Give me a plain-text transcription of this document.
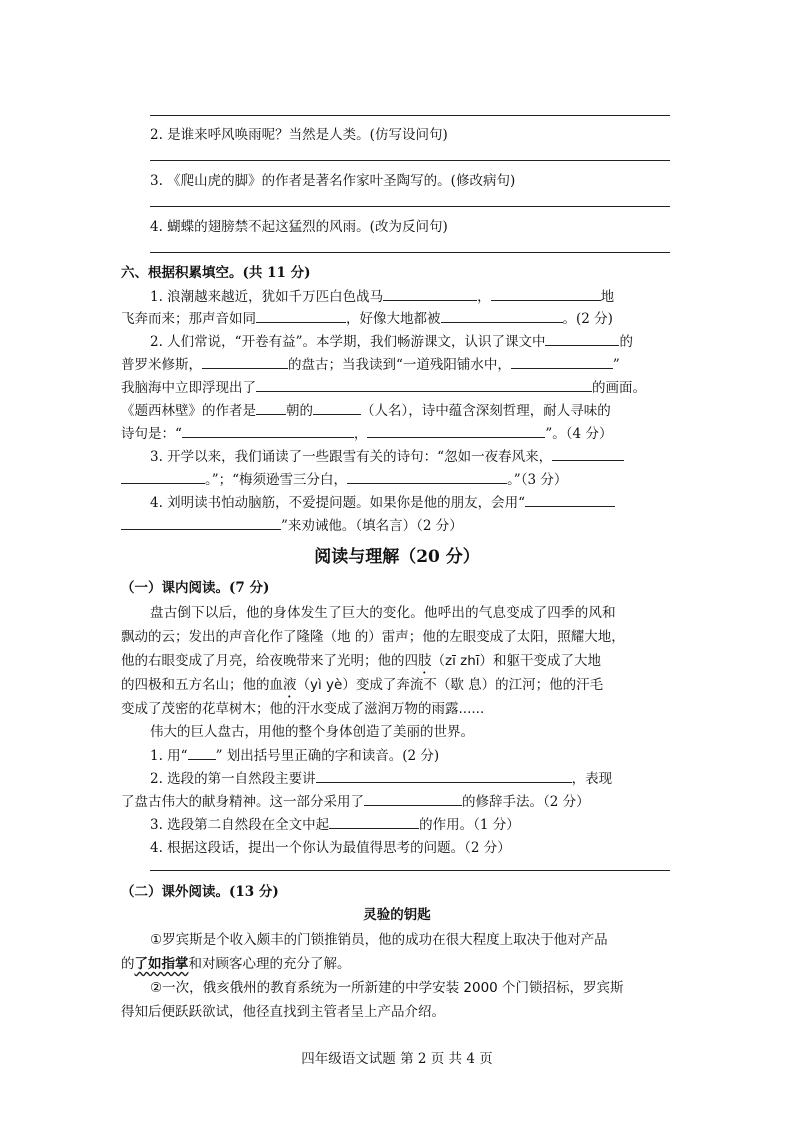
2. 是谁来呼风唤雨呢？当然是人类。(仿写设问句)
3. 《爬山虎的脚》的作者是著名作家叶圣陶写的。(修改病句)
4. 蝴蝶的翅膀禁不起这猛烈的风雨。(改为反问句)
六、根据积累填空。(共 11 分)
1. 浪潮越来越近，犹如千万匹白色战马	，	地
飞奔而来；那声音如同	，好像大地都被	。(2 分)
2. 人们常说，“开卷有益”。本学期，我们畅游课文，认识了课文中	的
普罗米修斯，	的盘古；当我读到“一道残阳铺水中，	”
我脑海中立即浮现出了	的画面。
《题西林壁》的作者是 朝的	（人名），诗中蕴含深刻哲理，耐人寻味的
诗句是：“	，	”。（4 分）
3. 开学以来，我们诵读了一些跟雪有关的诗句：“忽如一夜春风来，
。”；“梅须逊雪三分白，	。”（3 分）
4. 刘明读书怕动脑筋，不爱提问题。如果你是他的朋友，会用“
”来劝诫他。（填名言）（2 分）
阅读与理解（20 分）
（一）课内阅读。(7 分)
盘古倒下以后，他的身体发生了巨大的变化。他呼出的气息变成了四季的风和
飘动的云；发出的声音化作了隆隆（地 的）雷声；他的左眼变成了太阳，照耀大地，
他的右眼变成了月亮，给夜晚带来了光明；他的四肢（zī zhī）和躯干变成了大地
的四极和五方名山；他的血液（yì yè）变成了奔流不（歇 息）的江河；他的汗毛
变成了茂密的花草树木；他的汗水变成了滋润万物的雨露......
伟大的巨人盘古，用他的整个身体创造了美丽的世界。
1. 用“ ” 划出括号里正确的字和读音。(2 分)
2. 选段的第一自然段主要讲	，表现
了盘古伟大的献身精神。这一部分采用了	的修辞手法。（2 分）
3. 选段第二自然段在全文中起	的作用。（1 分）
4. 根据这段话，提出一个你认为最值得思考的问题。（2 分）
（二）课外阅读。(13 分)
灵验的钥匙
①罗宾斯是个收入颇丰的门锁推销员，他的成功在很大程度上取决于他对产品
的了如指掌和对顾客心理的充分了解。
②一次，俄亥俄州的教育系统为一所新建的中学安装 2000 个门锁招标，罗宾斯
得知后便跃跃欲试，他径直找到主管者呈上产品介绍。
四年级语文试题 第 2 页 共 4 页
